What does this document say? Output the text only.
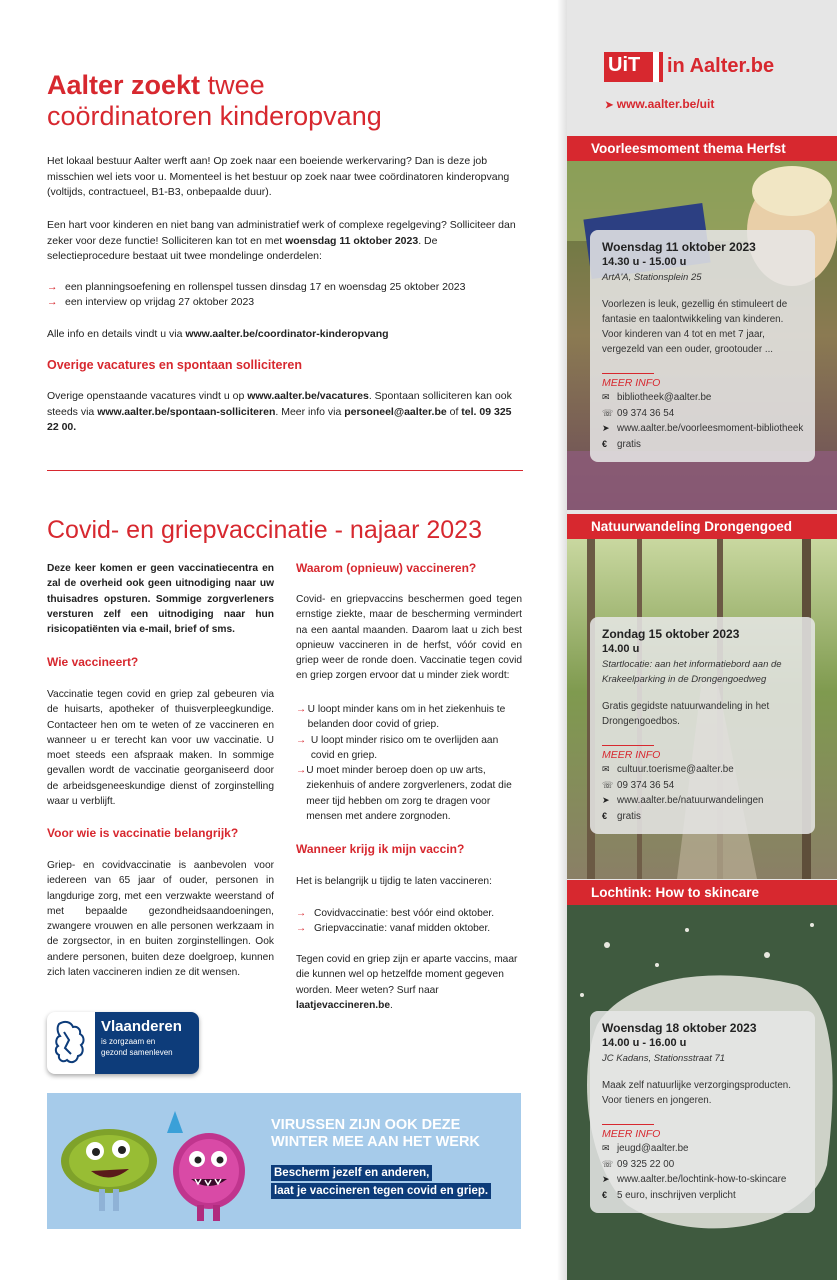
Aalter zoekt twee
coördinatoren kinderopvang
Het lokaal bestuur Aalter werft aan! Op zoek naar een boeiende werkervaring? Dan is deze job misschien wel iets voor u. Momenteel is het bestuur op zoek naar twee coördinatoren kinderopvang (voltijds, contractueel, B1-B3, onbepaalde duur).
Een hart voor kinderen en niet bang van administratief werk of complexe regelgeving? Solliciteer dan zeker voor deze functie! Solliciteren kan tot en met woensdag 11 oktober 2023. De selectieprocedure bestaat uit twee mondelinge onderdelen:
→ een planningsoefening en rollenspel tussen dinsdag 17 en woensdag 25 oktober 2023
→ een interview op vrijdag 27 oktober 2023
Alle info en details vindt u via www.aalter.be/coordinator-kinderopvang
Overige vacatures en spontaan solliciteren
Overige openstaande vacatures vindt u op www.aalter.be/vacatures. Spontaan solliciteren kan ook steeds via www.aalter.be/spontaan-solliciteren. Meer info via personeel@aalter.be of tel. 09 325 22 00.
Covid- en griepvaccinatie - najaar 2023
Deze keer komen er geen vaccinatiecentra en zal de overheid ook geen uitnodiging naar uw thuisadres opsturen. Sommige zorgverleners versturen zelf een uitnodiging naar hun risicopatiënten via e-mail, brief of sms.
Wie vaccineert?
Vaccinatie tegen covid en griep zal gebeuren via de huisarts, apotheker of thuisverpleegkundige. Contacteer hen om te weten of ze vaccineren en wanneer u er terecht kan voor uw vaccinatie. U moet steeds een afspraak maken. In sommige gevallen wordt de vaccinatie georganiseerd door de arbeidsgeneeskundige dienst of zorginstelling waar u verblijft.
Voor wie is vaccinatie belangrijk?
Griep- en covidvaccinatie is aanbevolen voor iedereen van 65 jaar of ouder, personen in langdurige zorg, met een verzwakte weerstand of met bepaalde gezondheidsaandoeningen, zwangere vrouwen en alle personen werkzaam in de zorgsector, in en buiten zorginstellingen. Ook andere personen, buiten deze doelgroep, kunnen zich laten vaccineren indien ze dit wensen.
Waarom (opnieuw) vaccineren?
Covid- en griepvaccins beschermen goed tegen ernstige ziekte, maar de bescherming vermindert na een aantal maanden. Daarom laat u zich best opnieuw vaccineren in de herfst, vóór covid en griep weer de ronde doen. Vaccinatie tegen covid en griep zorgen ervoor dat u minder ziek wordt:
→ U loopt minder kans om in het ziekenhuis te belanden door covid of griep.
→ U loopt minder risico om te overlijden aan covid en griep.
→ U moet minder beroep doen op uw arts, ziekenhuis of andere zorgverleners, zodat die meer tijd hebben om zorg te dragen voor mensen met andere zorgnoden.
Wanneer krijg ik mijn vaccin?
Het is belangrijk u tijdig te laten vaccineren:
→ Covidvaccinatie: best vóór eind oktober.
→ Griepvaccinatie: vanaf midden oktober.
Tegen covid en griep zijn er aparte vaccins, maar die kunnen wel op hetzelfde moment gegeven worden. Meer weten? Surf naar laatjevaccineren.be.
Vlaanderen
is zorgzaam en
gezond samenleven
VIRUSSEN ZIJN OOK DEZE
WINTER MEE AAN HET WERK
Bescherm jezelf en anderen,
laat je vaccineren tegen covid en griep.
UiT	in Aalter.be
➤ www.aalter.be/uit
Voorleesmoment thema Herfst
Woensdag 11 oktober 2023
14.30 u - 15.00 u
ArtA'A, Stationsplein 25
Voorlezen is leuk, gezellig én stimuleert de fantasie en taalontwikkeling van kinderen. Voor kinderen van 4 tot en met 7 jaar, vergezeld van een ouder, grootouder ...
MEER INFO
✉ bibliotheek@aalter.be
☏ 09 374 36 54
➤ www.aalter.be/voorleesmoment-bibliotheek
€ gratis
Natuurwandeling Drongengoed
Zondag 15 oktober 2023
14.00 u
Startlocatie: aan het informatiebord aan de Krakeelparking in de Drongengoedweg
Gratis gegidste natuurwandeling in het Drongengoedbos.
MEER INFO
✉ cultuur.toerisme@aalter.be
☏ 09 374 36 54
➤ www.aalter.be/natuurwandelingen
€ gratis
Lochtink: How to skincare
Woensdag 18 oktober 2023
14.00 u - 16.00 u
JC Kadans, Stationsstraat 71
Maak zelf natuurlijke verzorgingsproducten. Voor tieners en jongeren.
MEER INFO
✉ jeugd@aalter.be
☏ 09 325 22 00
➤ www.aalter.be/lochtink-how-to-skincare
€ 5 euro, inschrijven verplicht
